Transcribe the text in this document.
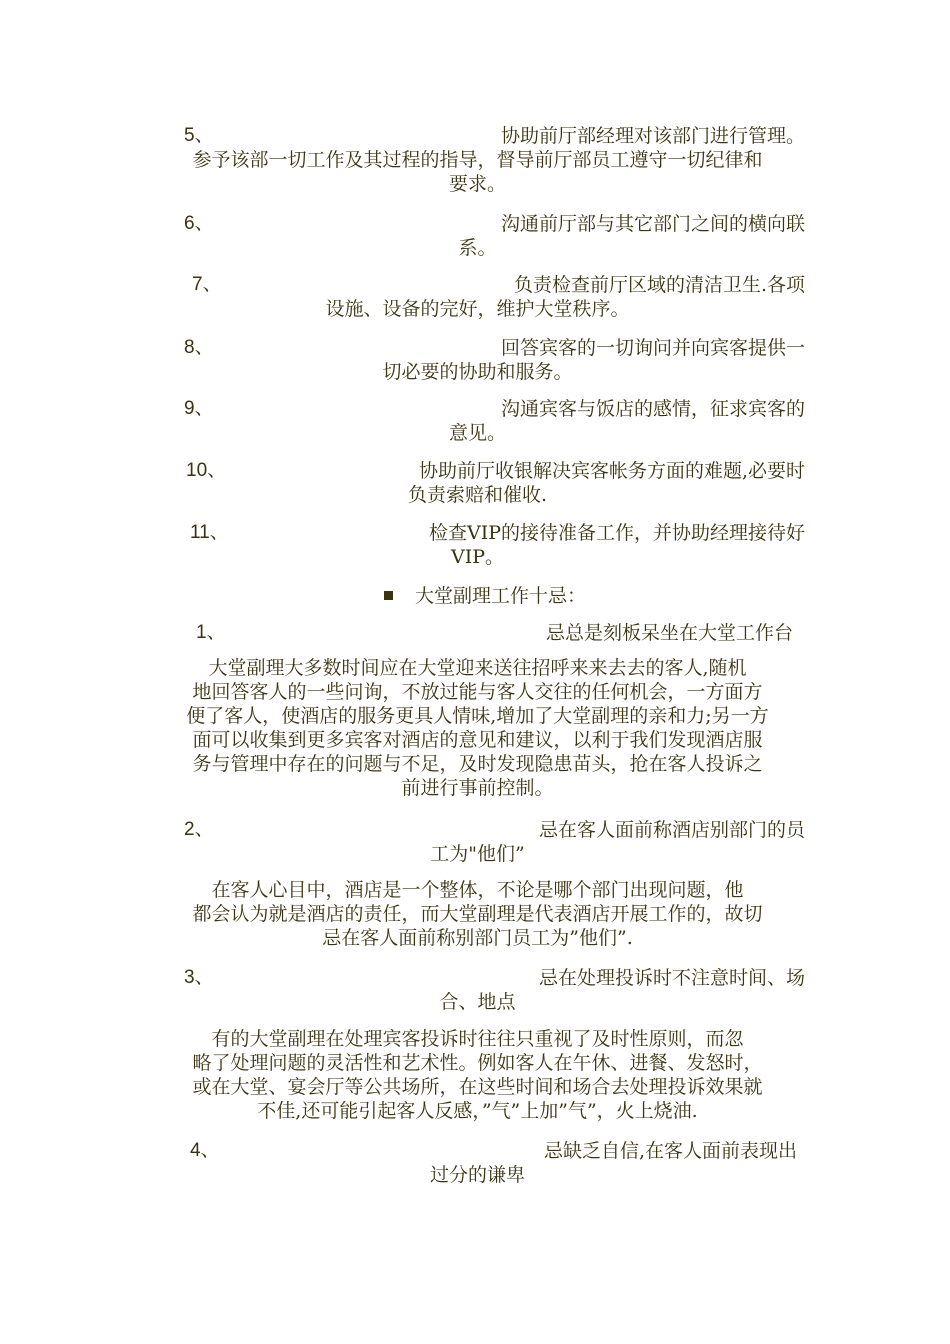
5、	协助前厅部经理对该部门进行管理。
参予该部一切工作及其过程的指导，督导前厅部员工遵守一切纪律和
要求。
6、	沟通前厅部与其它部门之间的横向联
系。
7、	负责检查前厅区域的清洁卫生.各项
设施、设备的完好，维护大堂秩序。
8、	回答宾客的一切询问并向宾客提供一
切必要的协助和服务。
9、	沟通宾客与饭店的感情，征求宾客的
意见。
10、	协助前厅收银解决宾客帐务方面的难题,必要时
负责索赔和催收.
11、	检查VIP的接待准备工作，并协助经理接待好
VIP。
大堂副理工作十忌：
1、	忌总是刻板呆坐在大堂工作台
大堂副理大多数时间应在大堂迎来送往招呼来来去去的客人,随机
地回答客人的一些问询，不放过能与客人交往的任何机会，一方面方
便了客人，使酒店的服务更具人情味,增加了大堂副理的亲和力;另一方
面可以收集到更多宾客对酒店的意见和建议，以利于我们发现酒店服
务与管理中存在的问题与不足，及时发现隐患苗头，抢在客人投诉之
前进行事前控制。
2、	忌在客人面前称酒店别部门的员
工为"他们”
在客人心目中，酒店是一个整体，不论是哪个部门出现问题，他
都会认为就是酒店的责任，而大堂副理是代表酒店开展工作的，故切
忌在客人面前称别部门员工为”他们”.
3、	忌在处理投诉时不注意时间、场
合、地点
有的大堂副理在处理宾客投诉时往往只重视了及时性原则，而忽
略了处理问题的灵活性和艺术性。例如客人在午休、进餐、发怒时，
或在大堂、宴会厅等公共场所，在这些时间和场合去处理投诉效果就
不佳,还可能引起客人反感，”气”上加”气”，火上烧油.
4、	忌缺乏自信,在客人面前表现出
过分的谦卑
